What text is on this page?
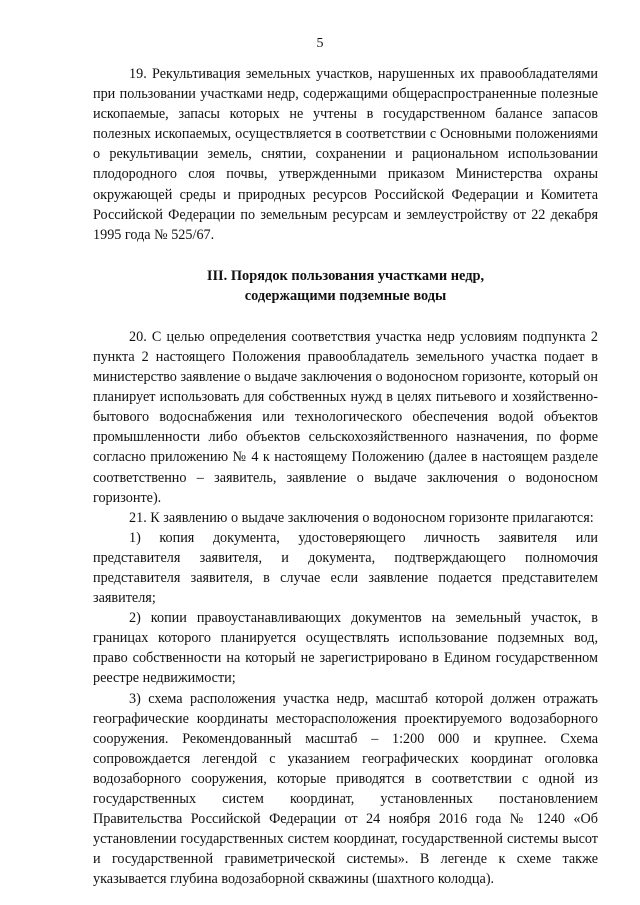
5

19. Рекультивация земельных участков, нарушенных их правообладателями при пользовании участками недр, содержащими общераспространенные полезные ископаемые, запасы которых не учтены в государственном балансе запасов полезных ископаемых, осуществляется в соответствии с Основными положениями о рекультивации земель, снятии, сохранении и рациональном использовании плодородного слоя почвы, утвержденными приказом Министерства охраны окружающей среды и природных ресурсов Российской Федерации и Комитета Российской Федерации по земельным ресурсам и землеустройству от 22 декабря 1995 года № 525/67.

III. Порядок пользования участками недр,
содержащими подземные воды

20. С целью определения соответствия участка недр условиям подпункта 2 пункта 2 настоящего Положения правообладатель земельного участка подает в министерство заявление о выдаче заключения о водоносном горизонте, который он планирует использовать для собственных нужд в целях питьевого и хозяйственно-бытового водоснабжения или технологического обеспечения водой объектов промышленности либо объектов сельскохозяйственного назначения, по форме согласно приложению № 4 к настоящему Положению (далее в настоящем разделе соответственно – заявитель, заявление о выдаче заключения о водоносном горизонте).

21. К заявлению о выдаче заключения о водоносном горизонте прилагаются:

1) копия документа, удостоверяющего личность заявителя или представителя заявителя, и документа, подтверждающего полномочия представителя заявителя, в случае если заявление подается представителем заявителя;

2) копии правоустанавливающих документов на земельный участок, в границах которого планируется осуществлять использование подземных вод, право собственности на который не зарегистрировано в Едином государственном реестре недвижимости;

3) схема расположения участка недр, масштаб которой должен отражать географические координаты месторасположения проектируемого водозаборного сооружения. Рекомендованный масштаб – 1:200 000 и крупнее. Схема сопровождается легендой с указанием географических координат оголовка водозаборного сооружения, которые приводятся в соответствии с одной из государственных систем координат, установленных постановлением Правительства Российской Федерации от 24 ноября 2016 года № 1240 «Об установлении государственных систем координат, государственной системы высот и государственной гравиметрической системы». В легенде к схеме также указывается глубина водозаборной скважины (шахтного колодца).
